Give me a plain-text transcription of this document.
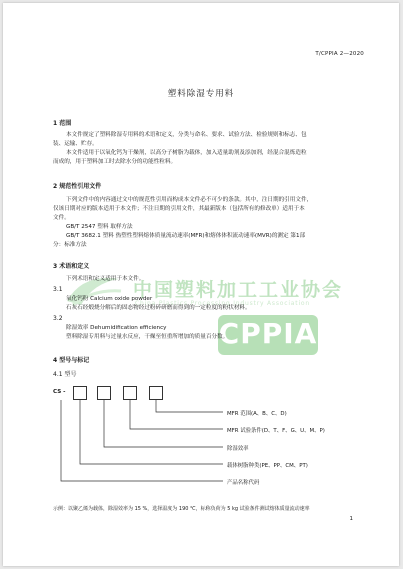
T/CPPIA 2—2020
塑料除湿专用料
1 范围
本文件规定了塑料除湿专用料的术语和定义，分类与命名、要求、试验方法、检验规则和标志、包
装、运输、贮存。
本文件适用于以氧化钙为干燥剂，以高分子树脂为载体，加入适量助剂及添加剂，经混合混炼造粒
而成的，用于塑料加工时去除水分的功能性粒料。
2 规范性引用文件
下列文件中的内容通过文中的规范性引用而构成本文件必不可少的条款。其中，注日期的引用文件，
仅该日期对应的版本适用于本文件；不注日期的引用文件，其最新版本（包括所有的修改单）适用于本
文件。
GB/T 2547 塑料 取样方法
GB/T 3682.1 塑料 热塑性塑料熔体质量流动速率(MFR)和熔体体积流动速率(MVR)的测定 第1部
分：标准方法
中国塑料加工工业协会
China Plastics Processing Industry Association
CPPIA
3 术语和定义
下列术语和定义适用于本文件。
3.1
氧化钙粉 Calcium oxide powder
石灰石经煅烧分解后的固态物经过粉碎研磨而得到的一定粒度的粉状材料。
3.2
除湿效率 Dehumidification efficiency
塑料除湿专用料与过量水反应，干燥至恒重所增加的质量百分数。
4 型号与标记
4.1 型号
CS -
MFR 范围(A、B、C、D)
MFR 试验条件(D、T、F、G、U、M、P)
除湿效率
载体树脂种类(PE、PP、CM、PT)
产品名称代码
示例：以聚乙烯为载体，除湿效率为 15 %，选择温度为 190 ℃，标称负荷为 5 kg 试验条件测试熔体质量流动速率
1
